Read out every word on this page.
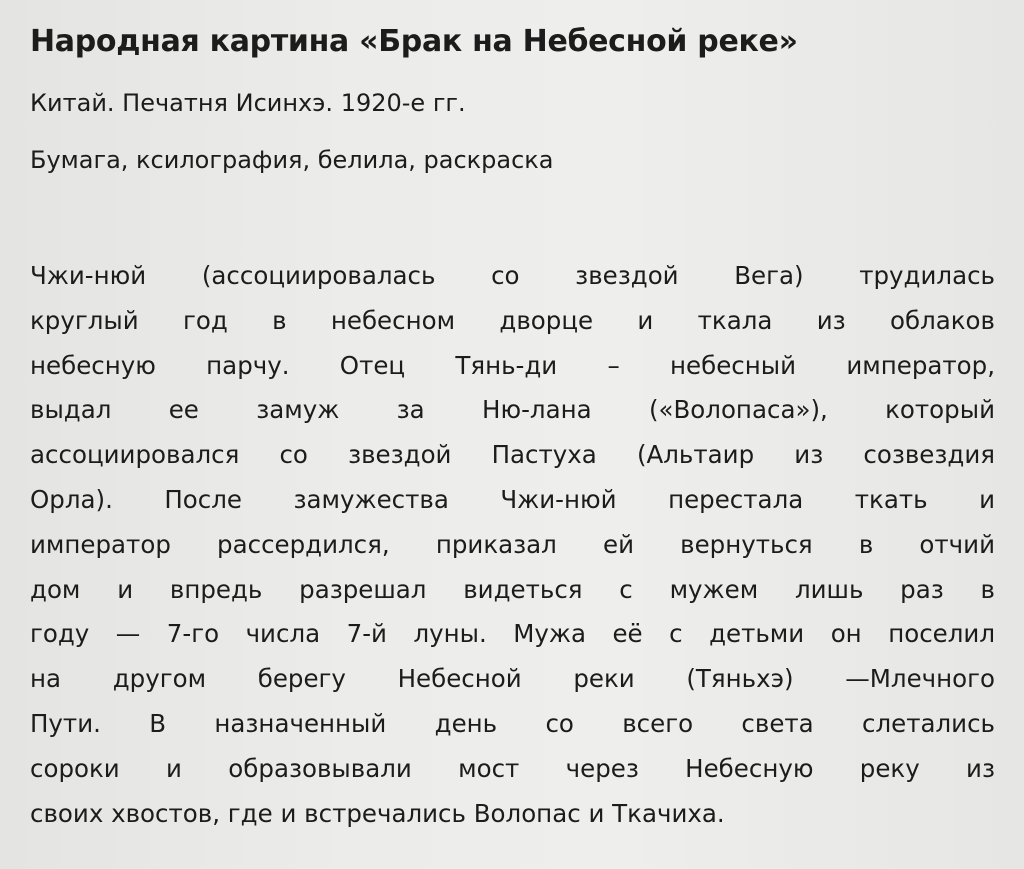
Народная картина «Брак на Небесной реке»
Китай. Печатня Исинхэ. 1920-е гг.
Бумага, ксилография, белила, раскраска
Чжи-нюй (ассоциировалась со звездой Вега) трудилась
круглый год в небесном дворце и ткала из облаков
небесную парчу. Отец Тянь-ди – небесный император,
выдал ее замуж за Ню-лана («Волопаса»), который
ассоциировался со звездой Пастуха (Альтаир из созвездия
Орла). После замужества Чжи-нюй перестала ткать и
император рассердился, приказал ей вернуться в отчий
дом и впредь разрешал видеться с мужем лишь раз в
году — 7-го числа 7-й луны. Мужа её с детьми он поселил
на другом берегу Небесной реки (Тяньхэ) —Млечного
Пути. В назначенный день со всего света слетались
сороки и образовывали мост через Небесную реку из
своих хвостов, где и встречались Волопас и Ткачиха.
